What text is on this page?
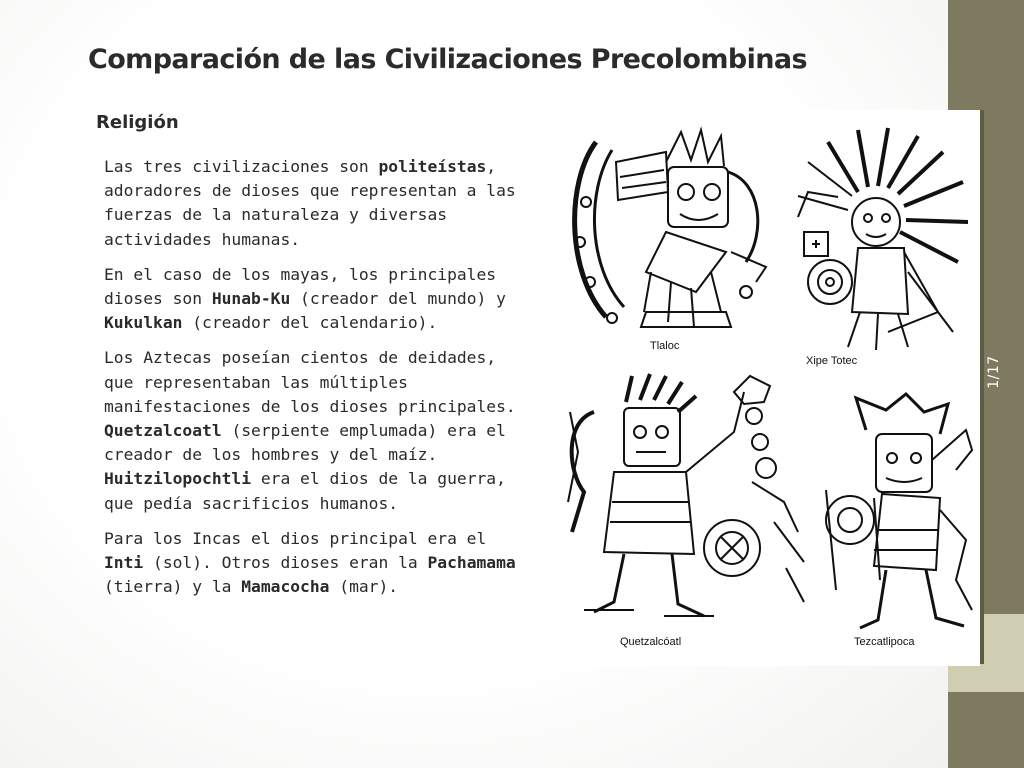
1/17
Comparación de las Civilizaciones Precolombinas
Religión

Las tres civilizaciones son politeístas, adoradores de dioses que representan a las fuerzas de la naturaleza y diversas actividades humanas.

En el caso de los mayas, los principales dioses son Hunab-Ku (creador del mundo) y Kukulkan (creador del calendario).

Los Aztecas poseían cientos de deidades, que representaban las múltiples manifestaciones de los dioses principales. Quetzalcoatl (serpiente emplumada) era el creador de los hombres y del maíz. Huitzilopochtli era el dios de la guerra, que pedía sacrificios humanos.

Para los Incas el dios principal era el Inti (sol). Otros dioses eran la Pachamama (tierra) y la Mamacocha (mar).

Tlaloc
Xipe Totec
Quetzalcóatl	Tezcatlipoca
